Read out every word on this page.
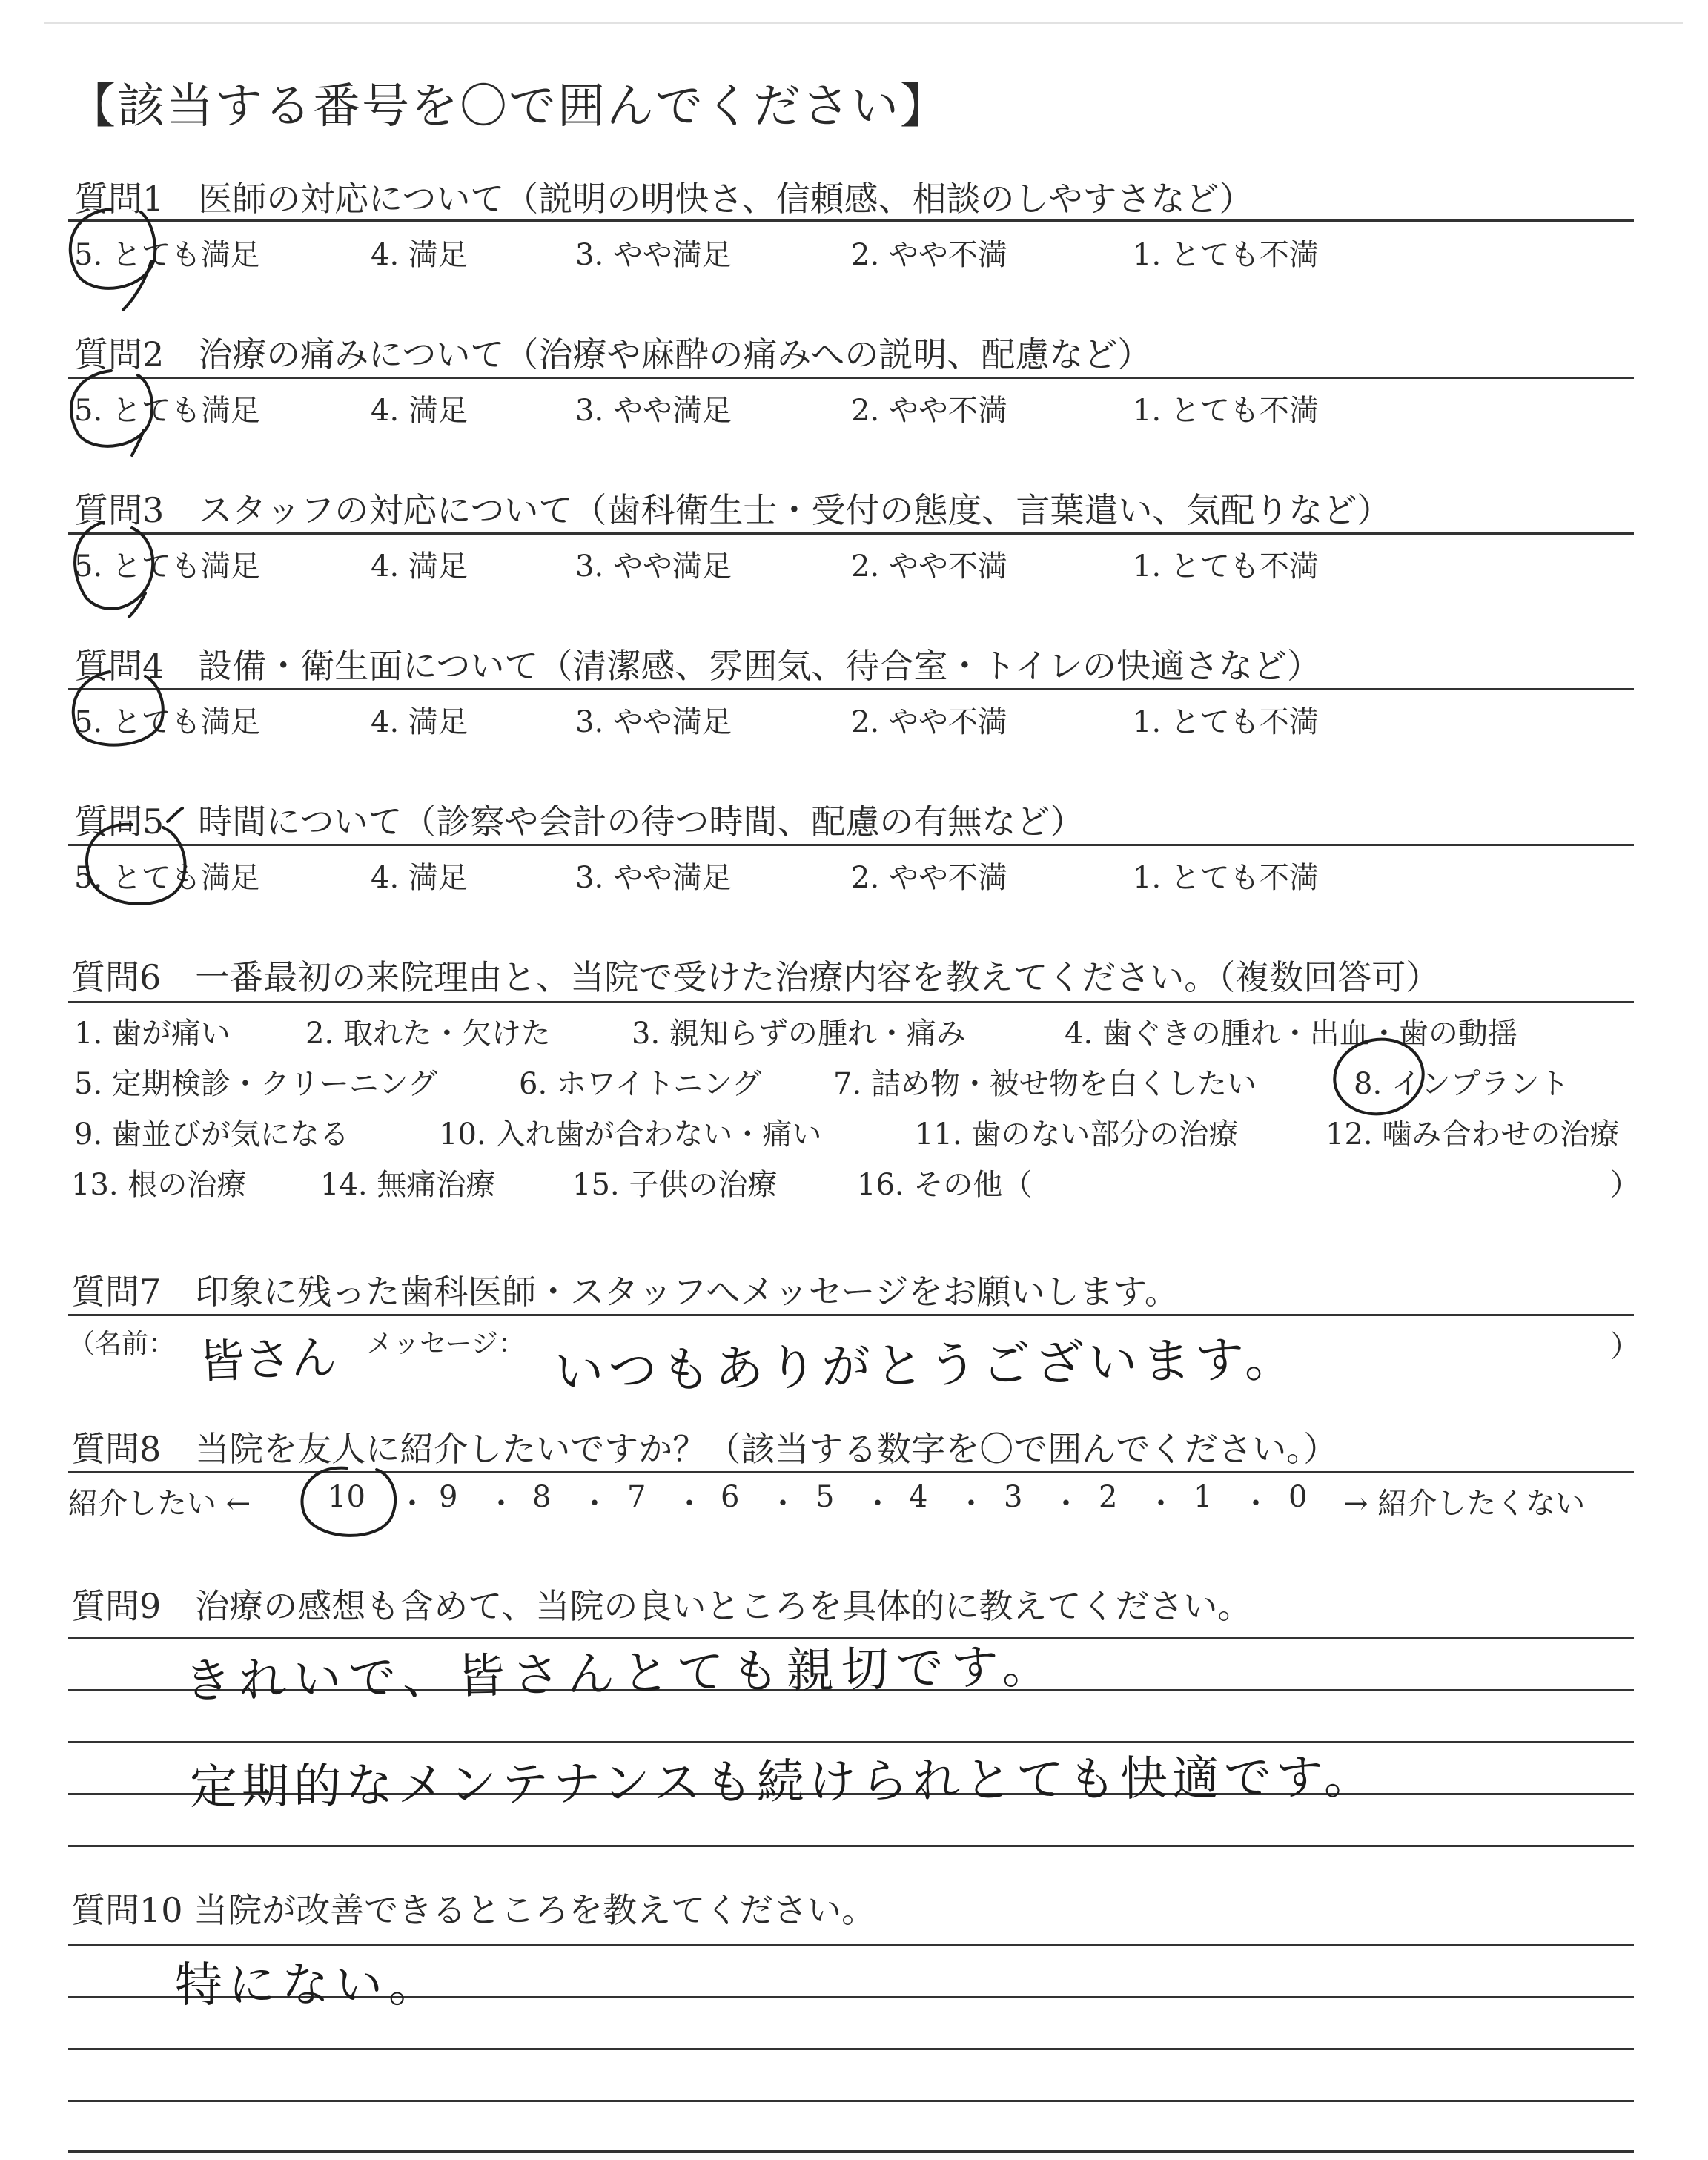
【該当する番号を〇で囲んでください】
質問1　医師の対応について（説明の明快さ、信頼感、相談のしやすさなど）
5. とても満足	4. 満足	3. やや満足	2. やや不満	1. とても不満
質問2　治療の痛みについて（治療や麻酔の痛みへの説明、配慮など）
5. とても満足	4. 満足	3. やや満足	2. やや不満	1. とても不満
質問3　スタッフの対応について（歯科衛生士・受付の態度、言葉遣い、気配りなど）
5. とても満足	4. 満足	3. やや満足	2. やや不満	1. とても不満
質問4　設備・衛生面について（清潔感、雰囲気、待合室・トイレの快適さなど）
5. とても満足	4. 満足	3. やや満足	2. やや不満	1. とても不満
質問5　時間について（診察や会計の待つ時間、配慮の有無など）
5. とても満足	4. 満足	3. やや満足	2. やや不満	1. とても不満
質問6　一番最初の来院理由と、当院で受けた治療内容を教えてください。（複数回答可）
1. 歯が痛い	2. 取れた・欠けた	3. 親知らずの腫れ・痛み	4. 歯ぐきの腫れ・出血・歯の動揺
5. 定期検診・クリーニング	6. ホワイトニング 7. 詰め物・被せ物を白くしたい	8. インプラント
9. 歯並びが気になる	10. 入れ歯が合わない・痛い	11. 歯のない部分の治療	12. 噛み合わせの治療
13. 根の治療 14. 無痛治療	15. 子供の治療	16. その他（	）
質問7　印象に残った歯科医師・スタッフへメッセージをお願いします。
（名前： 皆さん メッセージ： いつもありがとうございます。	）
質問8　当院を友人に紹介したいですか？（該当する数字を〇で囲んでください。）
紹介したい ←	10 ・ 9 ・ 8 ・ 7 ・ 6 ・ 5 ・ 4 ・ 3 ・ 2 ・ 1 ・ 0 → 紹介したくない
質問9　治療の感想も含めて、当院の良いところを具体的に教えてください。
きれいで、皆さんとても親切です。
定期的なメンテナンスも続けられとても快適です。
質問10 当院が改善できるところを教えてください。
特にない。
